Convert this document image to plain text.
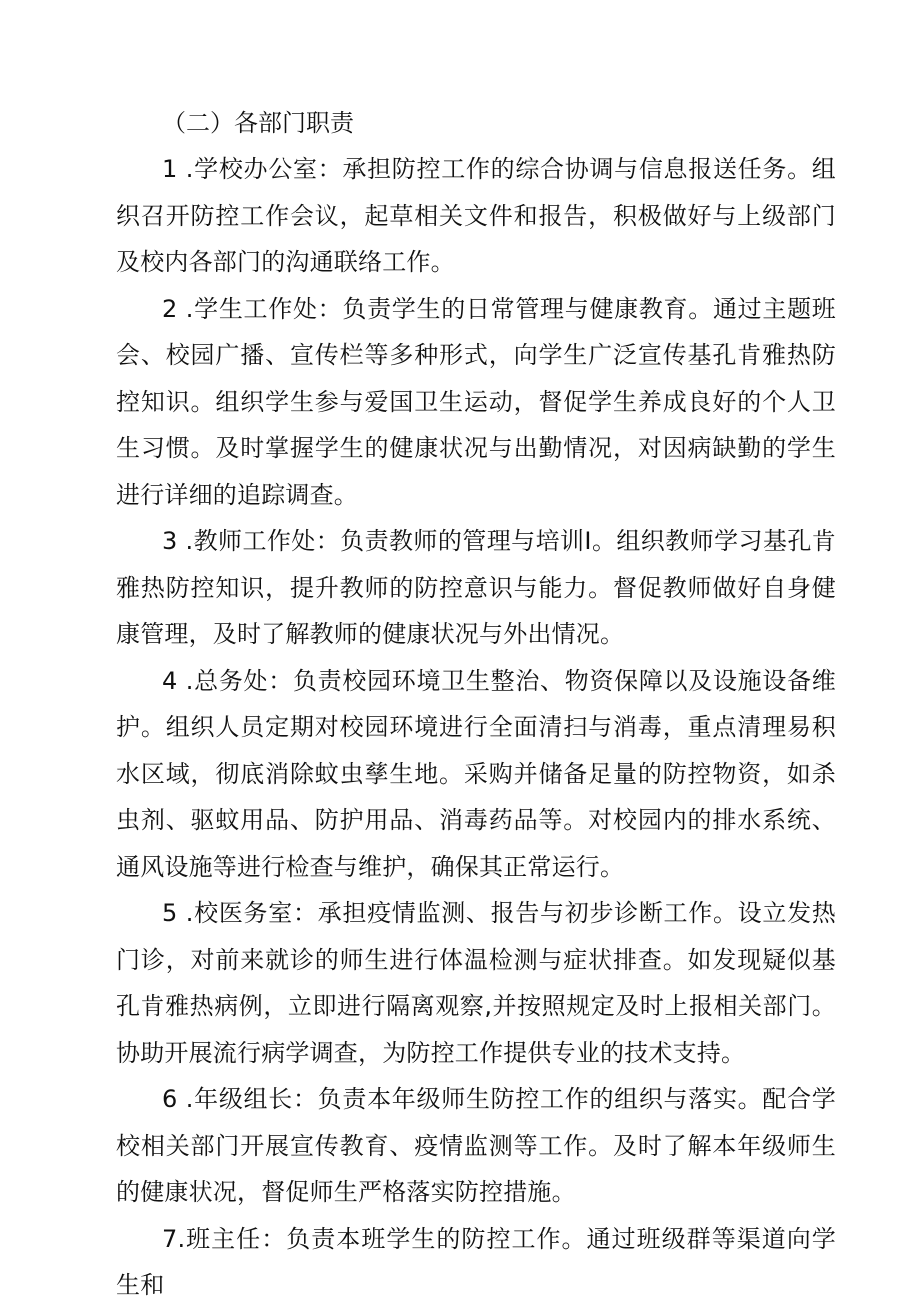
（二）各部门职责

1 .学校办公室：承担防控工作的综合协调与信息报送任务。组织召开防控工作会议，起草相关文件和报告，积极做好与上级部门及校内各部门的沟通联络工作。

2 .学生工作处：负责学生的日常管理与健康教育。通过主题班会、校园广播、宣传栏等多种形式，向学生广泛宣传基孔肯雅热防控知识。组织学生参与爱国卫生运动，督促学生养成良好的个人卫生习惯。及时掌握学生的健康状况与出勤情况，对因病缺勤的学生进行详细的追踪调查。

3 .教师工作处：负责教师的管理与培训I。组织教师学习基孔肯雅热防控知识，提升教师的防控意识与能力。督促教师做好自身健康管理，及时了解教师的健康状况与外出情况。

4 .总务处：负责校园环境卫生整治、物资保障以及设施设备维护。组织人员定期对校园环境进行全面清扫与消毒，重点清理易积水区域，彻底消除蚊虫孳生地。采购并储备足量的防控物资，如杀虫剂、驱蚊用品、防护用品、消毒药品等。对校园内的排水系统、通风设施等进行检查与维护，确保其正常运行。

5 .校医务室：承担疫情监测、报告与初步诊断工作。设立发热门诊，对前来就诊的师生进行体温检测与症状排查。如发现疑似基孔肯雅热病例，立即进行隔离观察,并按照规定及时上报相关部门。协助开展流行病学调查，为防控工作提供专业的技术支持。

6 .年级组长：负责本年级师生防控工作的组织与落实。配合学校相关部门开展宣传教育、疫情监测等工作。及时了解本年级师生的健康状况，督促师生严格落实防控措施。

7.班主任：负责本班学生的防控工作。通过班级群等渠道向学生和
